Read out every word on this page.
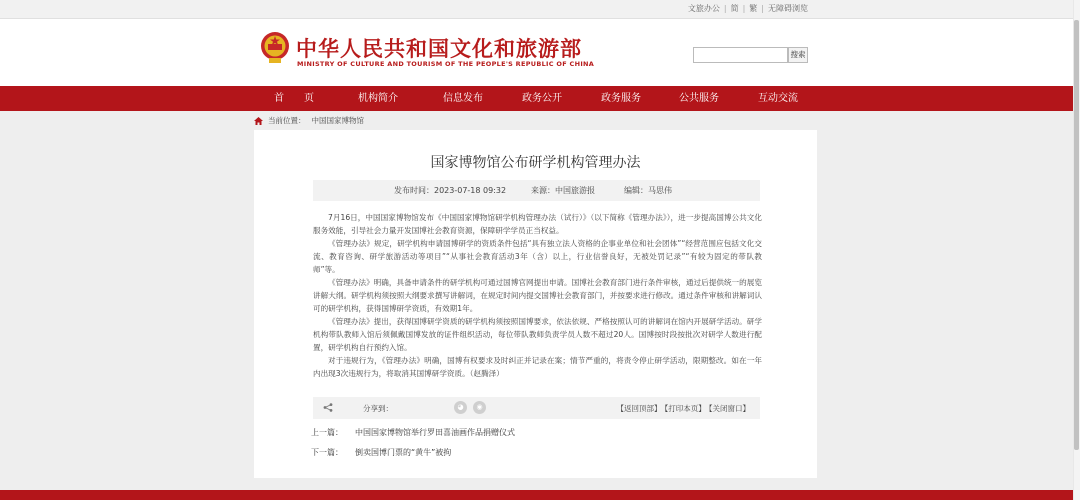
文旅办公 | 简 | 繁 | 无障碍浏览
中华人民共和国文化和旅游部
MINISTRY OF CULTURE AND TOURISM OF THE PEOPLE'S REPUBLIC OF CHINA
搜索
首　　页	机构简介	信息发布	政务公开	政务服务	公共服务	互动交流
当前位置： 中国国家博物馆
国家博物馆公布研学机构管理办法
发布时间：2023-07-18 09:32	来源：中国旅游报	编辑：马思伟

7月16日，中国国家博物馆发布《中国国家博物馆研学机构管理办法（试行）》（以下简称《管理办法》），进一步提高国博公共文化服务效能，引导社会力量开发国博社会教育资源，保障研学学员正当权益。

《管理办法》规定，研学机构申请国博研学的资质条件包括“具有独立法人资格的企事业单位和社会团体”“经营范围应包括文化交流、教育咨询、研学旅游活动等项目”“从事社会教育活动3年（含）以上，行业信誉良好，无被处罚记录”“有较为固定的带队教师”等。

《管理办法》明确，具备申请条件的研学机构可通过国博官网提出申请。国博社会教育部门进行条件审核，通过后提供统一的展览讲解大纲。研学机构须按照大纲要求撰写讲解词，在规定时间内提交国博社会教育部门，并按要求进行修改。通过条件审核和讲解词认可的研学机构，获得国博研学资质，有效期1年。

《管理办法》提出，获得国博研学资质的研学机构须按照国博要求，依法依规、严格按照认可的讲解词在馆内开展研学活动。研学机构带队教师入馆后须佩戴国博发放的证件组织活动，每位带队教师负责学员人数不超过20人。国博按时段按批次对研学人数进行配置，研学机构自行预约入馆。

对于违规行为，《管理办法》明确，国博有权要求及时纠正并记录在案；情节严重的，将责令停止研学活动，限期整改。如在一年内出现3次违规行为，将取消其国博研学资质。（赵腾泽）

分享到：	◕	◉	【返回顶部】 【打印本页】 【关闭窗口】
上一篇： 中国国家博物馆举行罗田喜油画作品捐赠仪式
下一篇： 倒卖国博门票的“黄牛”被拘
